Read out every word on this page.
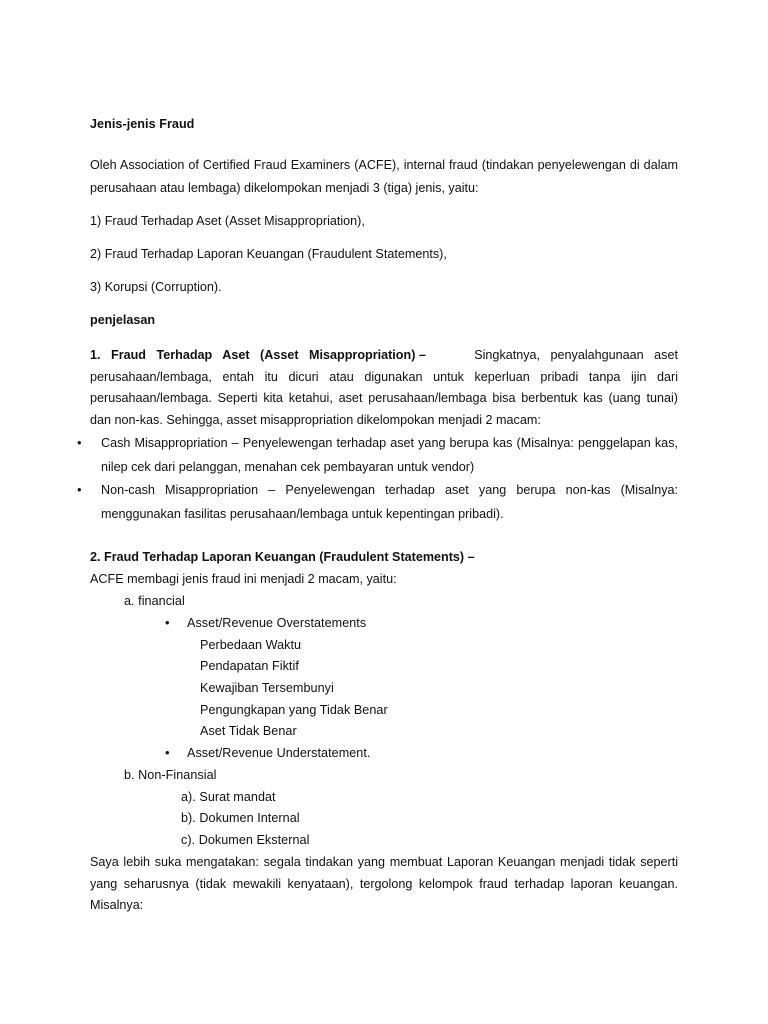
Jenis-jenis Fraud
Oleh Association of Certified Fraud Examiners (ACFE), internal fraud (tindakan penyelewengan di dalam
perusahaan atau lembaga) dikelompokan menjadi 3 (tiga) jenis, yaitu:
1) Fraud Terhadap Aset (Asset Misappropriation),
2) Fraud Terhadap Laporan Keuangan (Fraudulent Statements),
3) Korupsi (Corruption).
penjelasan
1.   Fraud   Terhadap   Aset   (Asset   Misappropriation) –	Singkatnya,   penyalahgunaan   aset
perusahaan/lembaga, entah itu dicuri atau digunakan untuk keperluan pribadi tanpa ijin dari
perusahaan/lembaga. Seperti kita ketahui, aset perusahaan/lembaga bisa berbentuk kas (uang tunai)
dan non-kas. Sehingga, asset misappropriation dikelompokan menjadi 2 macam:
• Cash Misappropriation – Penyelewengan terhadap aset yang berupa kas (Misalnya: penggelapan kas,
nilep cek dari pelanggan, menahan cek pembayaran untuk vendor)
• Non-cash Misappropriation – Penyelewengan terhadap aset yang berupa non-kas (Misalnya:
menggunakan fasilitas perusahaan/lembaga untuk kepentingan pribadi).
2. Fraud Terhadap Laporan Keuangan (Fraudulent Statements) –
ACFE membagi jenis fraud ini menjadi 2 macam, yaitu:
a. financial
• Asset/Revenue Overstatements
Perbedaan Waktu
Pendapatan Fiktif
Kewajiban Tersembunyi
Pengungkapan yang Tidak Benar
Aset Tidak Benar
• Asset/Revenue Understatement.
b. Non-Finansial
a). Surat mandat
b). Dokumen Internal
c). Dokumen Eksternal
Saya lebih suka mengatakan: segala tindakan yang membuat Laporan Keuangan menjadi tidak seperti
yang seharusnya (tidak mewakili kenyataan), tergolong kelompok fraud terhadap laporan keuangan.
Misalnya:
